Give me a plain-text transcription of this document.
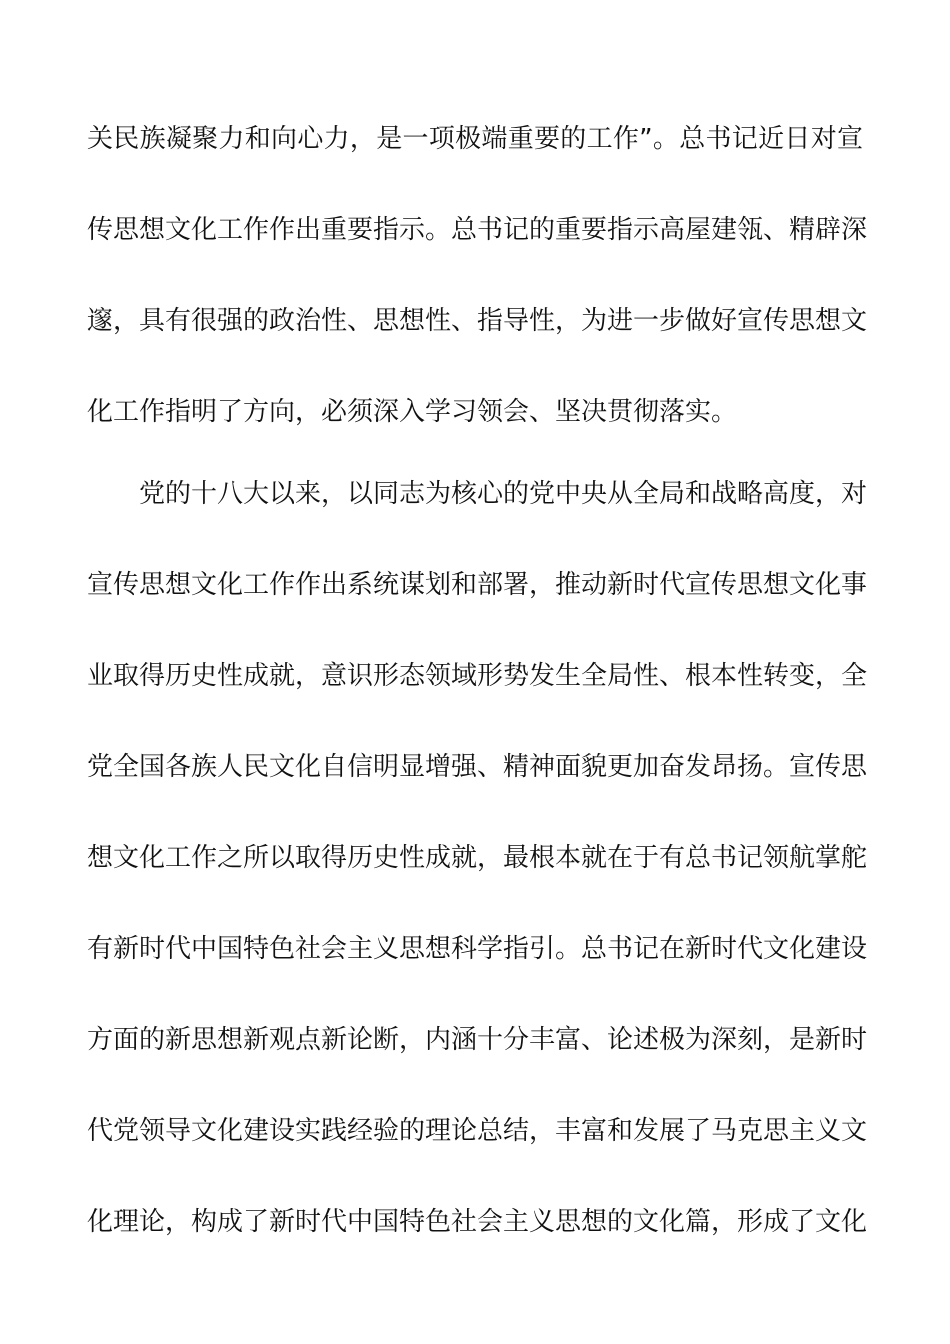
关民族凝聚力和向心力，是一项极端重要的工作”。总书记近日对宣
传思想文化工作作出重要指示。总书记的重要指示高屋建瓴、精辟深
邃，具有很强的政治性、思想性、指导性，为进一步做好宣传思想文
化工作指明了方向，必须深入学习领会、坚决贯彻落实。
党的十八大以来，以同志为核心的党中央从全局和战略高度，对
宣传思想文化工作作出系统谋划和部署，推动新时代宣传思想文化事
业取得历史性成就，意识形态领域形势发生全局性、根本性转变，全
党全国各族人民文化自信明显增强、精神面貌更加奋发昂扬。宣传思
想文化工作之所以取得历史性成就，最根本就在于有总书记领航掌舵
有新时代中国特色社会主义思想科学指引。总书记在新时代文化建设
方面的新思想新观点新论断，内涵十分丰富、论述极为深刻，是新时
代党领导文化建设实践经验的理论总结，丰富和发展了马克思主义文
化理论，构成了新时代中国特色社会主义思想的文化篇，形成了文化
